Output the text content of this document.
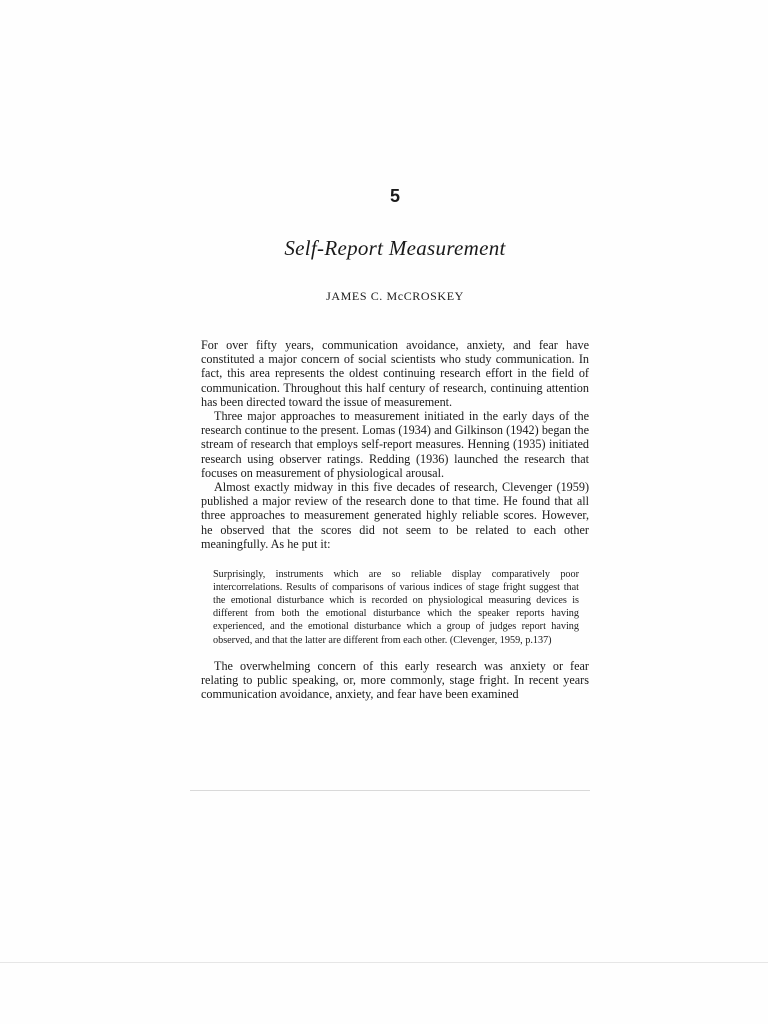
5
Self-Report Measurement
JAMES C. McCROSKEY

For over fifty years, communication avoidance, anxiety, and fear have constituted a major concern of social scientists who study communication. In fact, this area represents the oldest continuing research effort in the field of communication. Throughout this half century of research, continuing attention has been directed toward the issue of measurement.

Three major approaches to measurement initiated in the early days of the research continue to the present. Lomas (1934) and Gilkinson (1942) began the stream of research that employs self-report measures. Henning (1935) initiated research using observer ratings. Redding (1936) launched the research that focuses on measurement of physiological arousal.

Almost exactly midway in this five decades of research, Clevenger (1959) published a major review of the research done to that time. He found that all three approaches to measurement generated highly reliable scores. However, he observed that the scores did not seem to be related to each other meaningfully. As he put it:

Surprisingly, instruments which are so reliable display comparatively poor intercorrelations. Results of comparisons of various indices of stage fright suggest that the emotional disturbance which is recorded on physiological measuring devices is different from both the emotional disturbance which the speaker reports having experienced, and the emotional disturbance which a group of judges report having observed, and that the latter are different from each other. (Clevenger, 1959, p.137)

The overwhelming concern of this early research was anxiety or fear relating to public speaking, or, more commonly, stage fright. In recent years communication avoidance, anxiety, and fear have been examined
